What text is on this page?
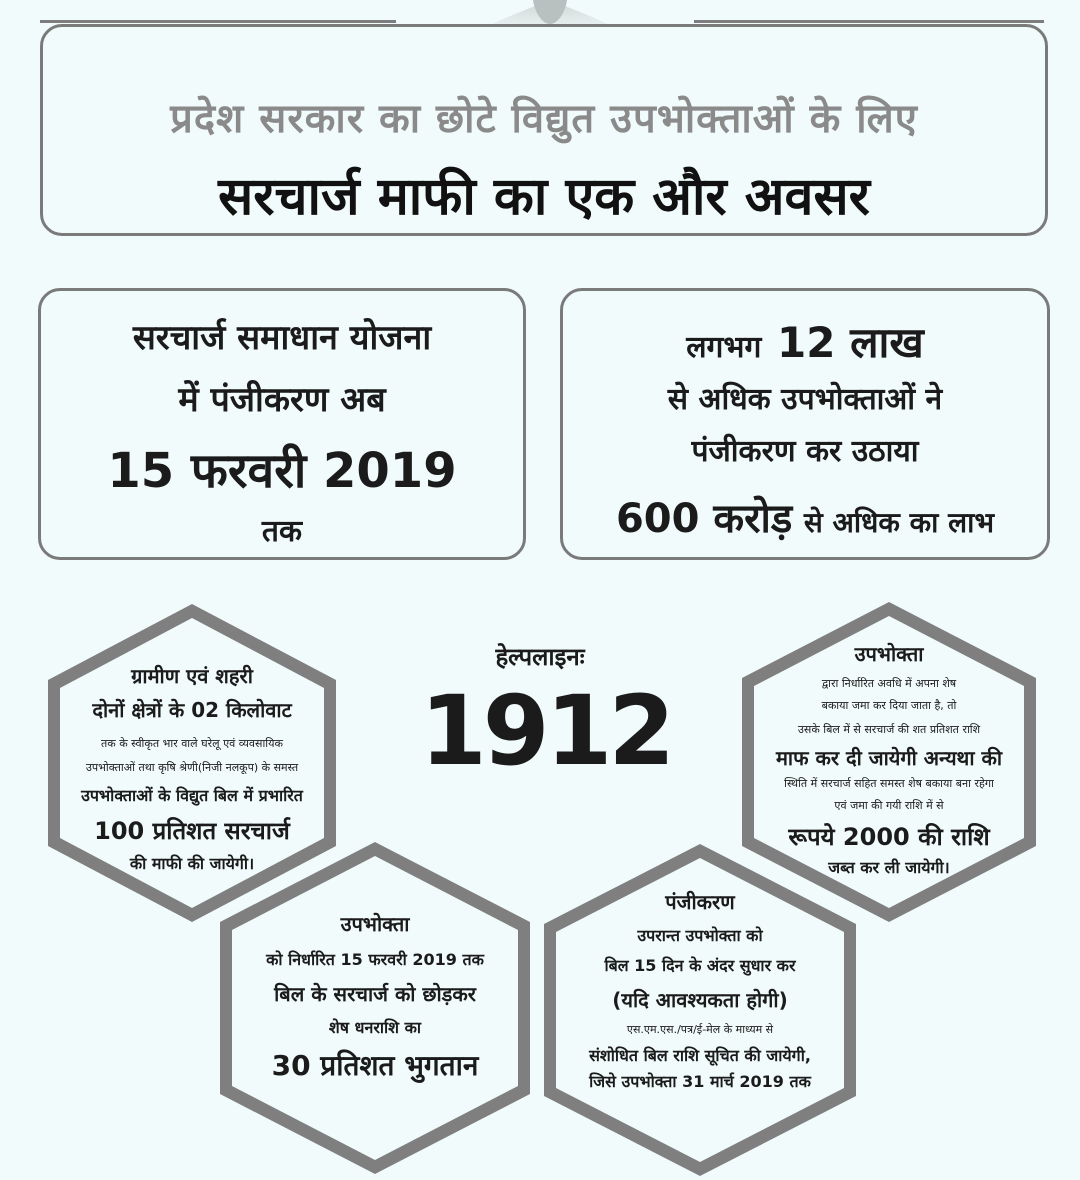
प्रदेश सरकार का छोटे विद्युत उपभोक्ताओं के लिए
सरचार्ज माफी का एक और अवसर
सरचार्ज समाधान योजना
में पंजीकरण अब
15 फरवरी 2019
तक
लगभग 12 लाख
से अधिक उपभोक्ताओं ने
पंजीकरण कर उठाया
600 करोड़ से अधिक का लाभ
हेल्पलाइनः
1912
ग्रामीण एवं शहरी
दोनों क्षेत्रों के 02 किलोवाट
तक के स्वीकृत भार वाले घरेलू एवं व्यवसायिक
उपभोक्ताओं तथा कृषि श्रेणी(निजी नलकूप) के समस्त
उपभोक्ताओं के विद्युत बिल में प्रभारित
100 प्रतिशत सरचार्ज
की माफी की जायेगी।
उपभोक्ता
द्वारा निर्धारित अवधि में अपना शेष
बकाया जमा कर दिया जाता है, तो
उसके बिल में से सरचार्ज की शत प्रतिशत राशि
माफ कर दी जायेगी अन्यथा की
स्थिति में सरचार्ज सहित समस्त शेष बकाया बना रहेगा
एवं जमा की गयी राशि में से
रूपये 2000 की राशि
जब्त कर ली जायेगी।
उपभोक्ता
को निर्धारित 15 फरवरी 2019 तक
बिल के सरचार्ज को छोड़कर
शेष धनराशि का
30 प्रतिशत भुगतान
पंजीकरण
उपरान्त उपभोक्ता को
बिल 15 दिन के अंदर सुधार कर
(यदि आवश्यकता होगी)
एस.एम.एस./पत्र/ई-मेल के माध्यम से
संशोधित बिल राशि सूचित की जायेगी,
जिसे उपभोक्ता 31 मार्च 2019 तक
